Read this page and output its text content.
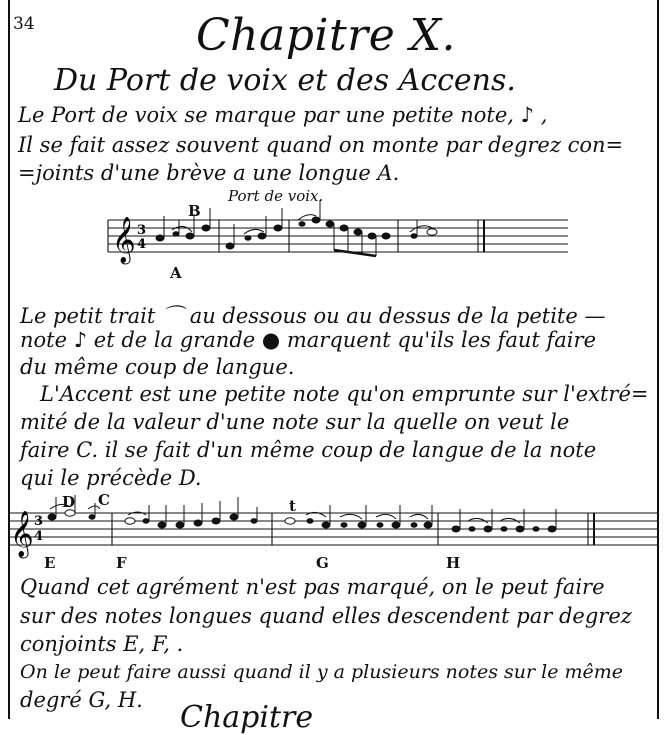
34	Chapitre X.
Du Port de voix et des Accens.
Le Port de voix se marque par une petite note, ♪ ,
Il se fait assez souvent quand on monte par degrez con=
=joints d'une brève a une longue A.
Port de voix.
𝄞 3
4
B
A
Le petit trait ⌒ au dessous ou au dessus de la petite —
note ♪ et de la grande ● marquent qu'ils les faut faire
du même coup de langue.
L'Accent est une petite note qu'on emprunte sur l'extré=
mité de la valeur d'une note sur la quelle on veut le
faire C. il se fait d'un même coup de langue de la note
qui le précède D.
𝄞 3
4
D C	t
E	F	G	H
Quand cet agrément n'est pas marqué, on le peut faire
sur des notes longues quand elles descendent par degrez
conjoints E, F, .
On le peut faire aussi quand il y a plusieurs notes sur le même
degré G, H. Chapitre
